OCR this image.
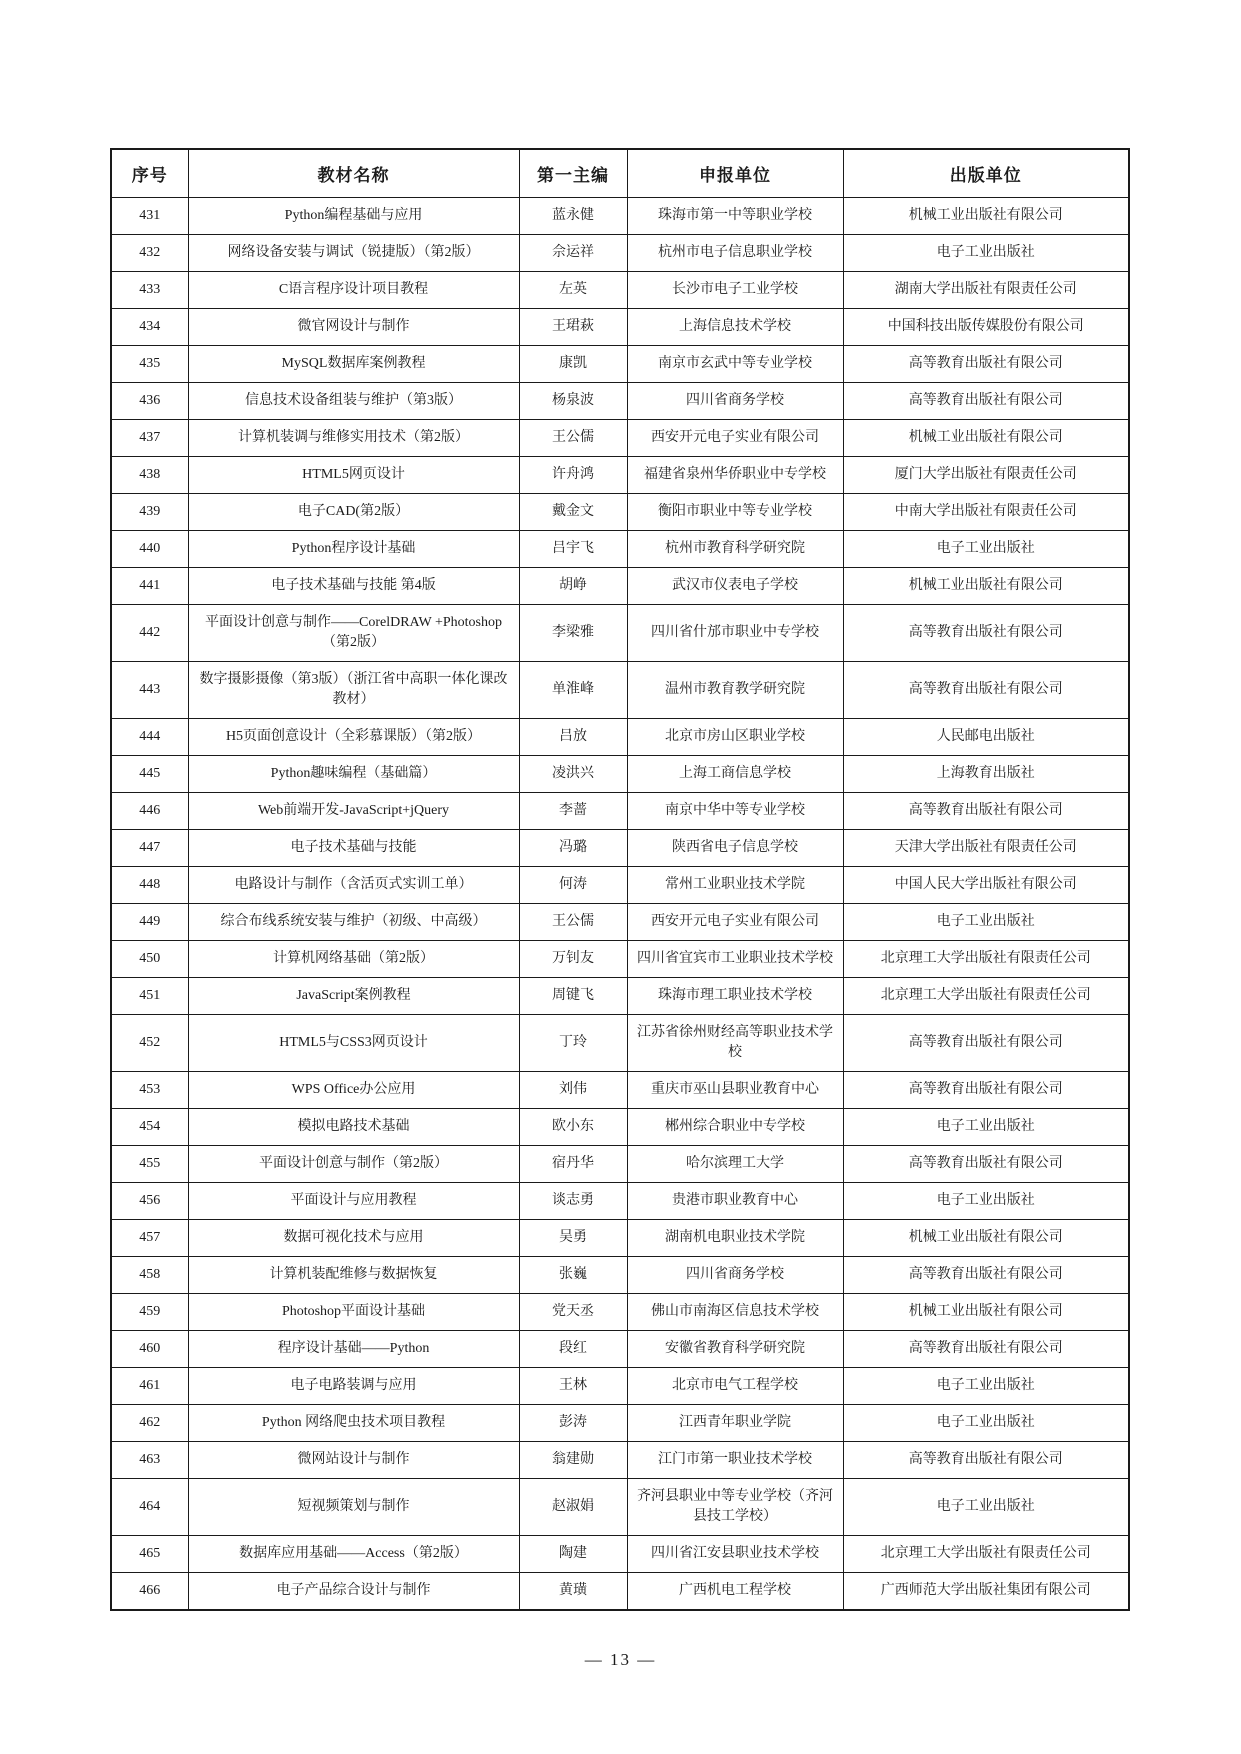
序号	教材名称	第一主编	申报单位	出版单位
431	Python编程基础与应用	蓝永健	珠海市第一中等职业学校	机械工业出版社有限公司
432	网络设备安装与调试（锐捷版）（第2版）	佘运祥	杭州市电子信息职业学校	电子工业出版社
433	C语言程序设计项目教程	左英	长沙市电子工业学校	湖南大学出版社有限责任公司
434	微官网设计与制作	王珺萩	上海信息技术学校	中国科技出版传媒股份有限公司
435	MySQL数据库案例教程	康凯	南京市玄武中等专业学校	高等教育出版社有限公司
436	信息技术设备组装与维护（第3版）	杨泉波	四川省商务学校	高等教育出版社有限公司
437	计算机装调与维修实用技术（第2版）	王公儒	西安开元电子实业有限公司	机械工业出版社有限公司
438	HTML5网页设计	许舟鸿	福建省泉州华侨职业中专学校	厦门大学出版社有限责任公司
439	电子CAD(第2版）	戴金文	衡阳市职业中等专业学校	中南大学出版社有限责任公司
440	Python程序设计基础	吕宇飞	杭州市教育科学研究院	电子工业出版社
441	电子技术基础与技能 第4版	胡峥	武汉市仪表电子学校	机械工业出版社有限公司
442	平面设计创意与制作——CorelDRAW +Photoshop（第2版）	李梁雅	四川省什邡市职业中专学校	高等教育出版社有限公司
443	数字摄影摄像（第3版）（浙江省中高职一体化课改教材）	单淮峰	温州市教育教学研究院	高等教育出版社有限公司
444	H5页面创意设计（全彩慕课版）（第2版）	吕放	北京市房山区职业学校	人民邮电出版社
445	Python趣味编程（基础篇）	凌洪兴	上海工商信息学校	上海教育出版社
446	Web前端开发-JavaScript+jQuery	李蔷	南京中华中等专业学校	高等教育出版社有限公司
447	电子技术基础与技能	冯璐	陕西省电子信息学校	天津大学出版社有限责任公司
448	电路设计与制作（含活页式实训工单）	何涛	常州工业职业技术学院	中国人民大学出版社有限公司
449	综合布线系统安装与维护（初级、中高级）	王公儒	西安开元电子实业有限公司	电子工业出版社
450	计算机网络基础（第2版）	万钊友	四川省宜宾市工业职业技术学校	北京理工大学出版社有限责任公司
451	JavaScript案例教程	周键飞	珠海市理工职业技术学校	北京理工大学出版社有限责任公司
452	HTML5与CSS3网页设计	丁玲	江苏省徐州财经高等职业技术学校	高等教育出版社有限公司
453	WPS Office办公应用	刘伟	重庆市巫山县职业教育中心	高等教育出版社有限公司
454	模拟电路技术基础	欧小东	郴州综合职业中专学校	电子工业出版社
455	平面设计创意与制作（第2版）	宿丹华	哈尔滨理工大学	高等教育出版社有限公司
456	平面设计与应用教程	谈志勇	贵港市职业教育中心	电子工业出版社
457	数据可视化技术与应用	吴勇	湖南机电职业技术学院	机械工业出版社有限公司
458	计算机装配维修与数据恢复	张巍	四川省商务学校	高等教育出版社有限公司
459	Photoshop平面设计基础	党天丞	佛山市南海区信息技术学校	机械工业出版社有限公司
460	程序设计基础——Python	段红	安徽省教育科学研究院	高等教育出版社有限公司
461	电子电路装调与应用	王林	北京市电气工程学校	电子工业出版社
462	Python 网络爬虫技术项目教程	彭涛	江西青年职业学院	电子工业出版社
463	微网站设计与制作	翁建勋	江门市第一职业技术学校	高等教育出版社有限公司
464	短视频策划与制作	赵淑娟	齐河县职业中等专业学校（齐河县技工学校）	电子工业出版社
465	数据库应用基础——Access（第2版）	陶建	四川省江安县职业技术学校	北京理工大学出版社有限责任公司
466	电子产品综合设计与制作	黄璜	广西机电工程学校	广西师范大学出版社集团有限公司
— 13 —
